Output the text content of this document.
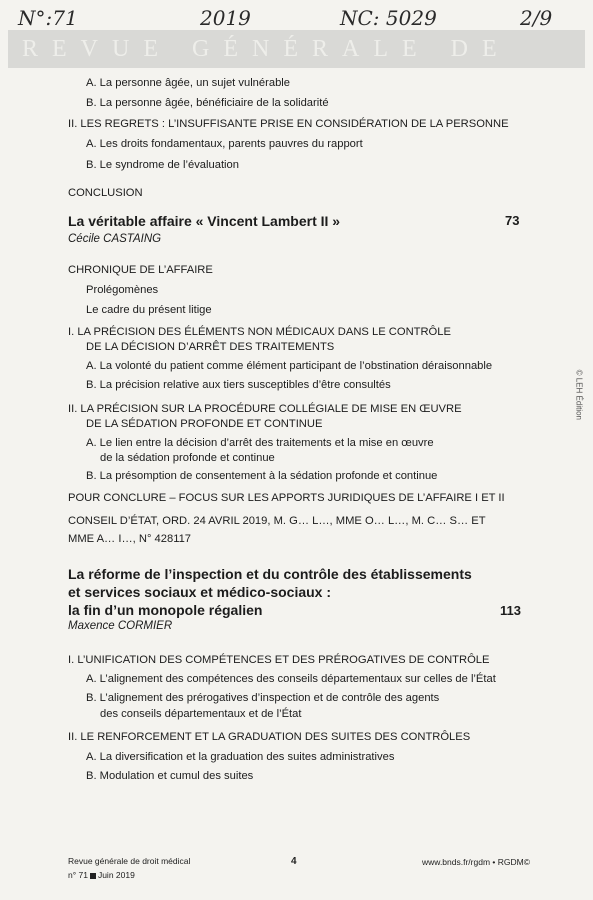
N°:71	2019	NC: 5029	2/9
REVUE GÉNÉRALE DE
© LEH Édition
A. La personne âgée, un sujet vulnérable
B. La personne âgée, bénéficiaire de la solidarité
II. LES REGRETS : L’INSUFFISANTE PRISE EN CONSIDÉRATION DE LA PERSONNE
A. Les droits fondamentaux, parents pauvres du rapport
B. Le syndrome de l’évaluation
CONCLUSION
La véritable affaire « Vincent Lambert II »	73
Cécile CASTAING
CHRONIQUE DE L’AFFAIRE
Prolégomènes
Le cadre du présent litige
I. LA PRÉCISION DES ÉLÉMENTS NON MÉDICAUX DANS LE CONTRÔLE
DE LA DÉCISION D’ARRÊT DES TRAITEMENTS
A. La volonté du patient comme élément participant de l’obstination déraisonnable
B. La précision relative aux tiers susceptibles d’être consultés
II. LA PRÉCISION SUR LA PROCÉDURE COLLÉGIALE DE MISE EN ŒUVRE
DE LA SÉDATION PROFONDE ET CONTINUE
A. Le lien entre la décision d’arrêt des traitements et la mise en œuvre
de la sédation profonde et continue
B. La présomption de consentement à la sédation profonde et continue
POUR CONCLURE – FOCUS SUR LES APPORTS JURIDIQUES DE L’AFFAIRE I ET II
CONSEIL D’ÉTAT, ORD. 24 AVRIL 2019, M. G… L…, MME O… L…, M. C… S… ET
MME A… I…, N° 428117
La réforme de l’inspection et du contrôle des établissements
et services sociaux et médico-sociaux :
la fin d’un monopole régalien	113
Maxence CORMIER
I. L’UNIFICATION DES COMPÉTENCES ET DES PRÉROGATIVES DE CONTRÔLE
A. L’alignement des compétences des conseils départementaux sur celles de l’État
B. L’alignement des prérogatives d’inspection et de contrôle des agents
des conseils départementaux et de l’État
II. LE RENFORCEMENT ET LA GRADUATION DES SUITES DES CONTRÔLES
A. La diversification et la graduation des suites administratives
B. Modulation et cumul des suites
Revue générale de droit médical
n° 71 Juin 2019
4	www.bnds.fr/rgdm • RGDM©
